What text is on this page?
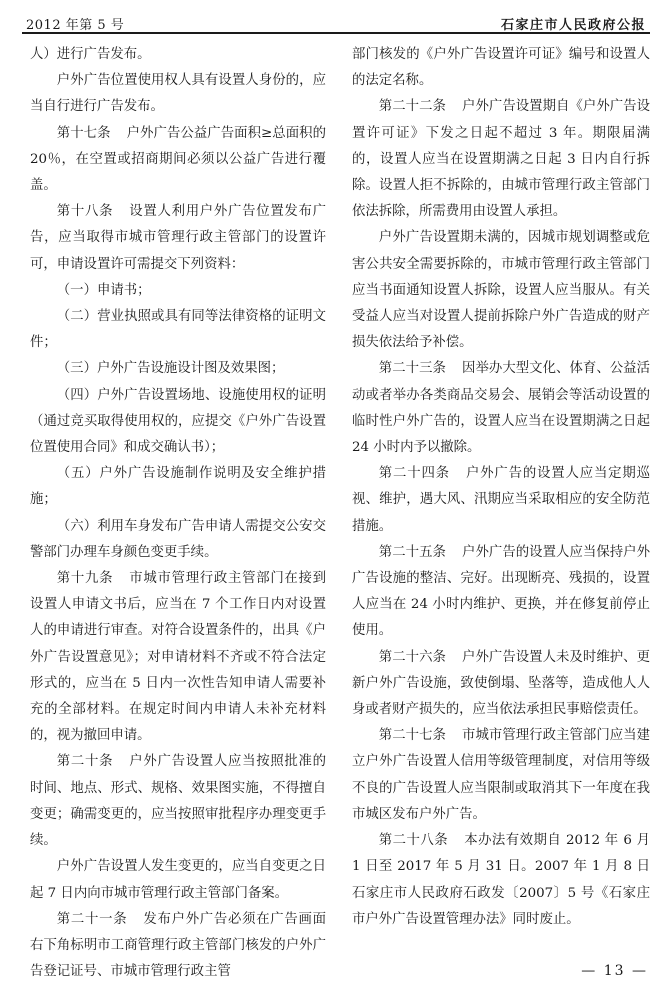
2012 年第 5 号	石家庄市人民政府公报

人）进行广告发布。

户外广告位置使用权人具有设置人身份的，应当自行进行广告发布。

第十七条 户外广告公益广告面积≥总面积的 20％，在空置或招商期间必须以公益广告进行覆盖。

第十八条 设置人利用户外广告位置发布广告，应当取得市城市管理行政主管部门的设置许可，申请设置许可需提交下列资料：

（一）申请书；

（二）营业执照或具有同等法律资格的证明文件；

（三）户外广告设施设计图及效果图；

（四）户外广告设置场地、设施使用权的证明（通过竞买取得使用权的，应提交《户外广告设置位置使用合同》和成交确认书）；

（五）户外广告设施制作说明及安全维护措施；

（六）利用车身发布广告申请人需提交公安交警部门办理车身颜色变更手续。

第十九条 市城市管理行政主管部门在接到设置人申请文书后，应当在 7 个工作日内对设置人的申请进行审查。对符合设置条件的，出具《户外广告设置意见》；对申请材料不齐或不符合法定形式的，应当在 5 日内一次性告知申请人需要补充的全部材料。在规定时间内申请人未补充材料的，视为撤回申请。

第二十条 户外广告设置人应当按照批准的时间、地点、形式、规格、效果图实施，不得擅自变更；确需变更的，应当按照审批程序办理变更手续。

户外广告设置人发生变更的，应当自变更之日起 7 日内向市城市管理行政主管部门备案。

第二十一条 发布户外广告必须在广告画面右下角标明市工商管理行政主管部门核发的户外广告登记证号、市城市管理行政主管

部门核发的《户外广告设置许可证》编号和设置人的法定名称。

第二十二条 户外广告设置期自《户外广告设置许可证》下发之日起不超过 3 年。期限届满的，设置人应当在设置期满之日起 3 日内自行拆除。设置人拒不拆除的，由城市管理行政主管部门依法拆除，所需费用由设置人承担。

户外广告设置期未满的，因城市规划调整或危害公共安全需要拆除的，市城市管理行政主管部门应当书面通知设置人拆除，设置人应当服从。有关受益人应当对设置人提前拆除户外广告造成的财产损失依法给予补偿。

第二十三条 因举办大型文化、体育、公益活动或者举办各类商品交易会、展销会等活动设置的临时性户外广告的，设置人应当在设置期满之日起 24 小时内予以撤除。

第二十四条 户外广告的设置人应当定期巡视、维护，遇大风、汛期应当采取相应的安全防范措施。

第二十五条 户外广告的设置人应当保持户外广告设施的整洁、完好。出现断亮、残损的，设置人应当在 24 小时内维护、更换，并在修复前停止使用。

第二十六条 户外广告设置人未及时维护、更新户外广告设施，致使倒塌、坠落等，造成他人人身或者财产损失的，应当依法承担民事赔偿责任。

第二十七条 市城市管理行政主管部门应当建立户外广告设置人信用等级管理制度，对信用等级不良的广告设置人应当限制或取消其下一年度在我市城区发布户外广告。

第二十八条 本办法有效期自 2012 年 6 月 1 日至 2017 年 5 月 31 日。2007 年 1 月 8 日石家庄市人民政府石政发〔2007〕5 号《石家庄市户外广告设置管理办法》同时废止。

— 13 —
